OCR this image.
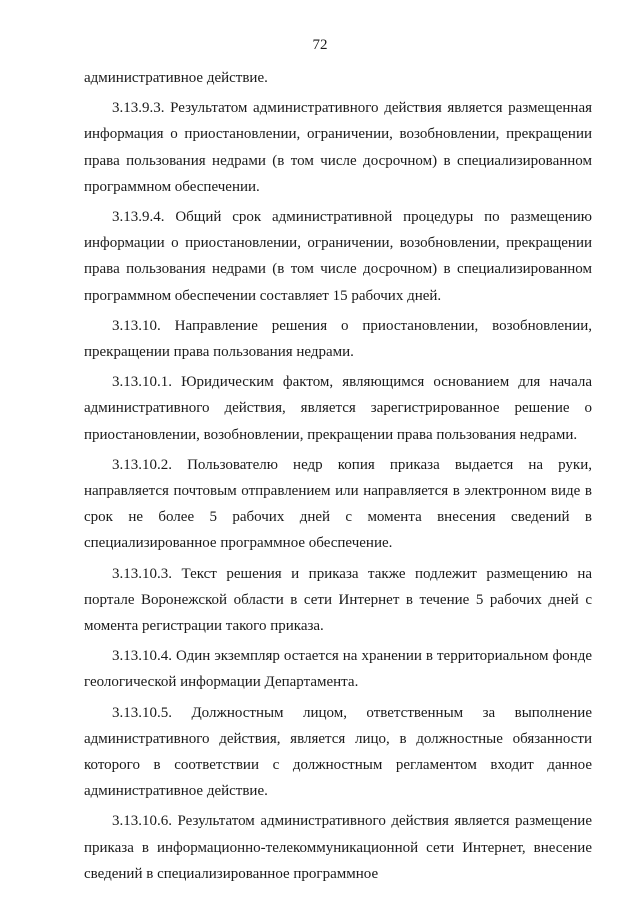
72

административное действие.

3.13.9.3. Результатом административного действия является размещенная информация о приостановлении, ограничении, возобновлении, прекращении права пользования недрами (в том числе досрочном) в специализированном программном обеспечении.

3.13.9.4. Общий срок административной процедуры по размещению информации о приостановлении, ограничении, возобновлении, прекращении права пользования недрами (в том числе досрочном) в специализированном программном обеспечении составляет 15 рабочих дней.

3.13.10. Направление решения о приостановлении, возобновлении, прекращении права пользования недрами.

3.13.10.1. Юридическим фактом, являющимся основанием для начала административного действия, является зарегистрированное решение о приостановлении, возобновлении, прекращении права пользования недрами.

3.13.10.2. Пользователю недр копия приказа выдается на руки, направляется почтовым отправлением или направляется в электронном виде в срок не более 5 рабочих дней с момента внесения сведений в специализированное программное обеспечение.

3.13.10.3. Текст решения и приказа также подлежит размещению на портале Воронежской области в сети Интернет в течение 5 рабочих дней с момента регистрации такого приказа.

3.13.10.4. Один экземпляр остается на хранении в территориальном фонде геологической информации Департамента.

3.13.10.5. Должностным лицом, ответственным за выполнение административного действия, является лицо, в должностные обязанности которого в соответствии с должностным регламентом входит данное административное действие.

3.13.10.6. Результатом административного действия является размещение приказа в информационно-телекоммуникационной сети Интернет, внесение сведений в специализированное программное
